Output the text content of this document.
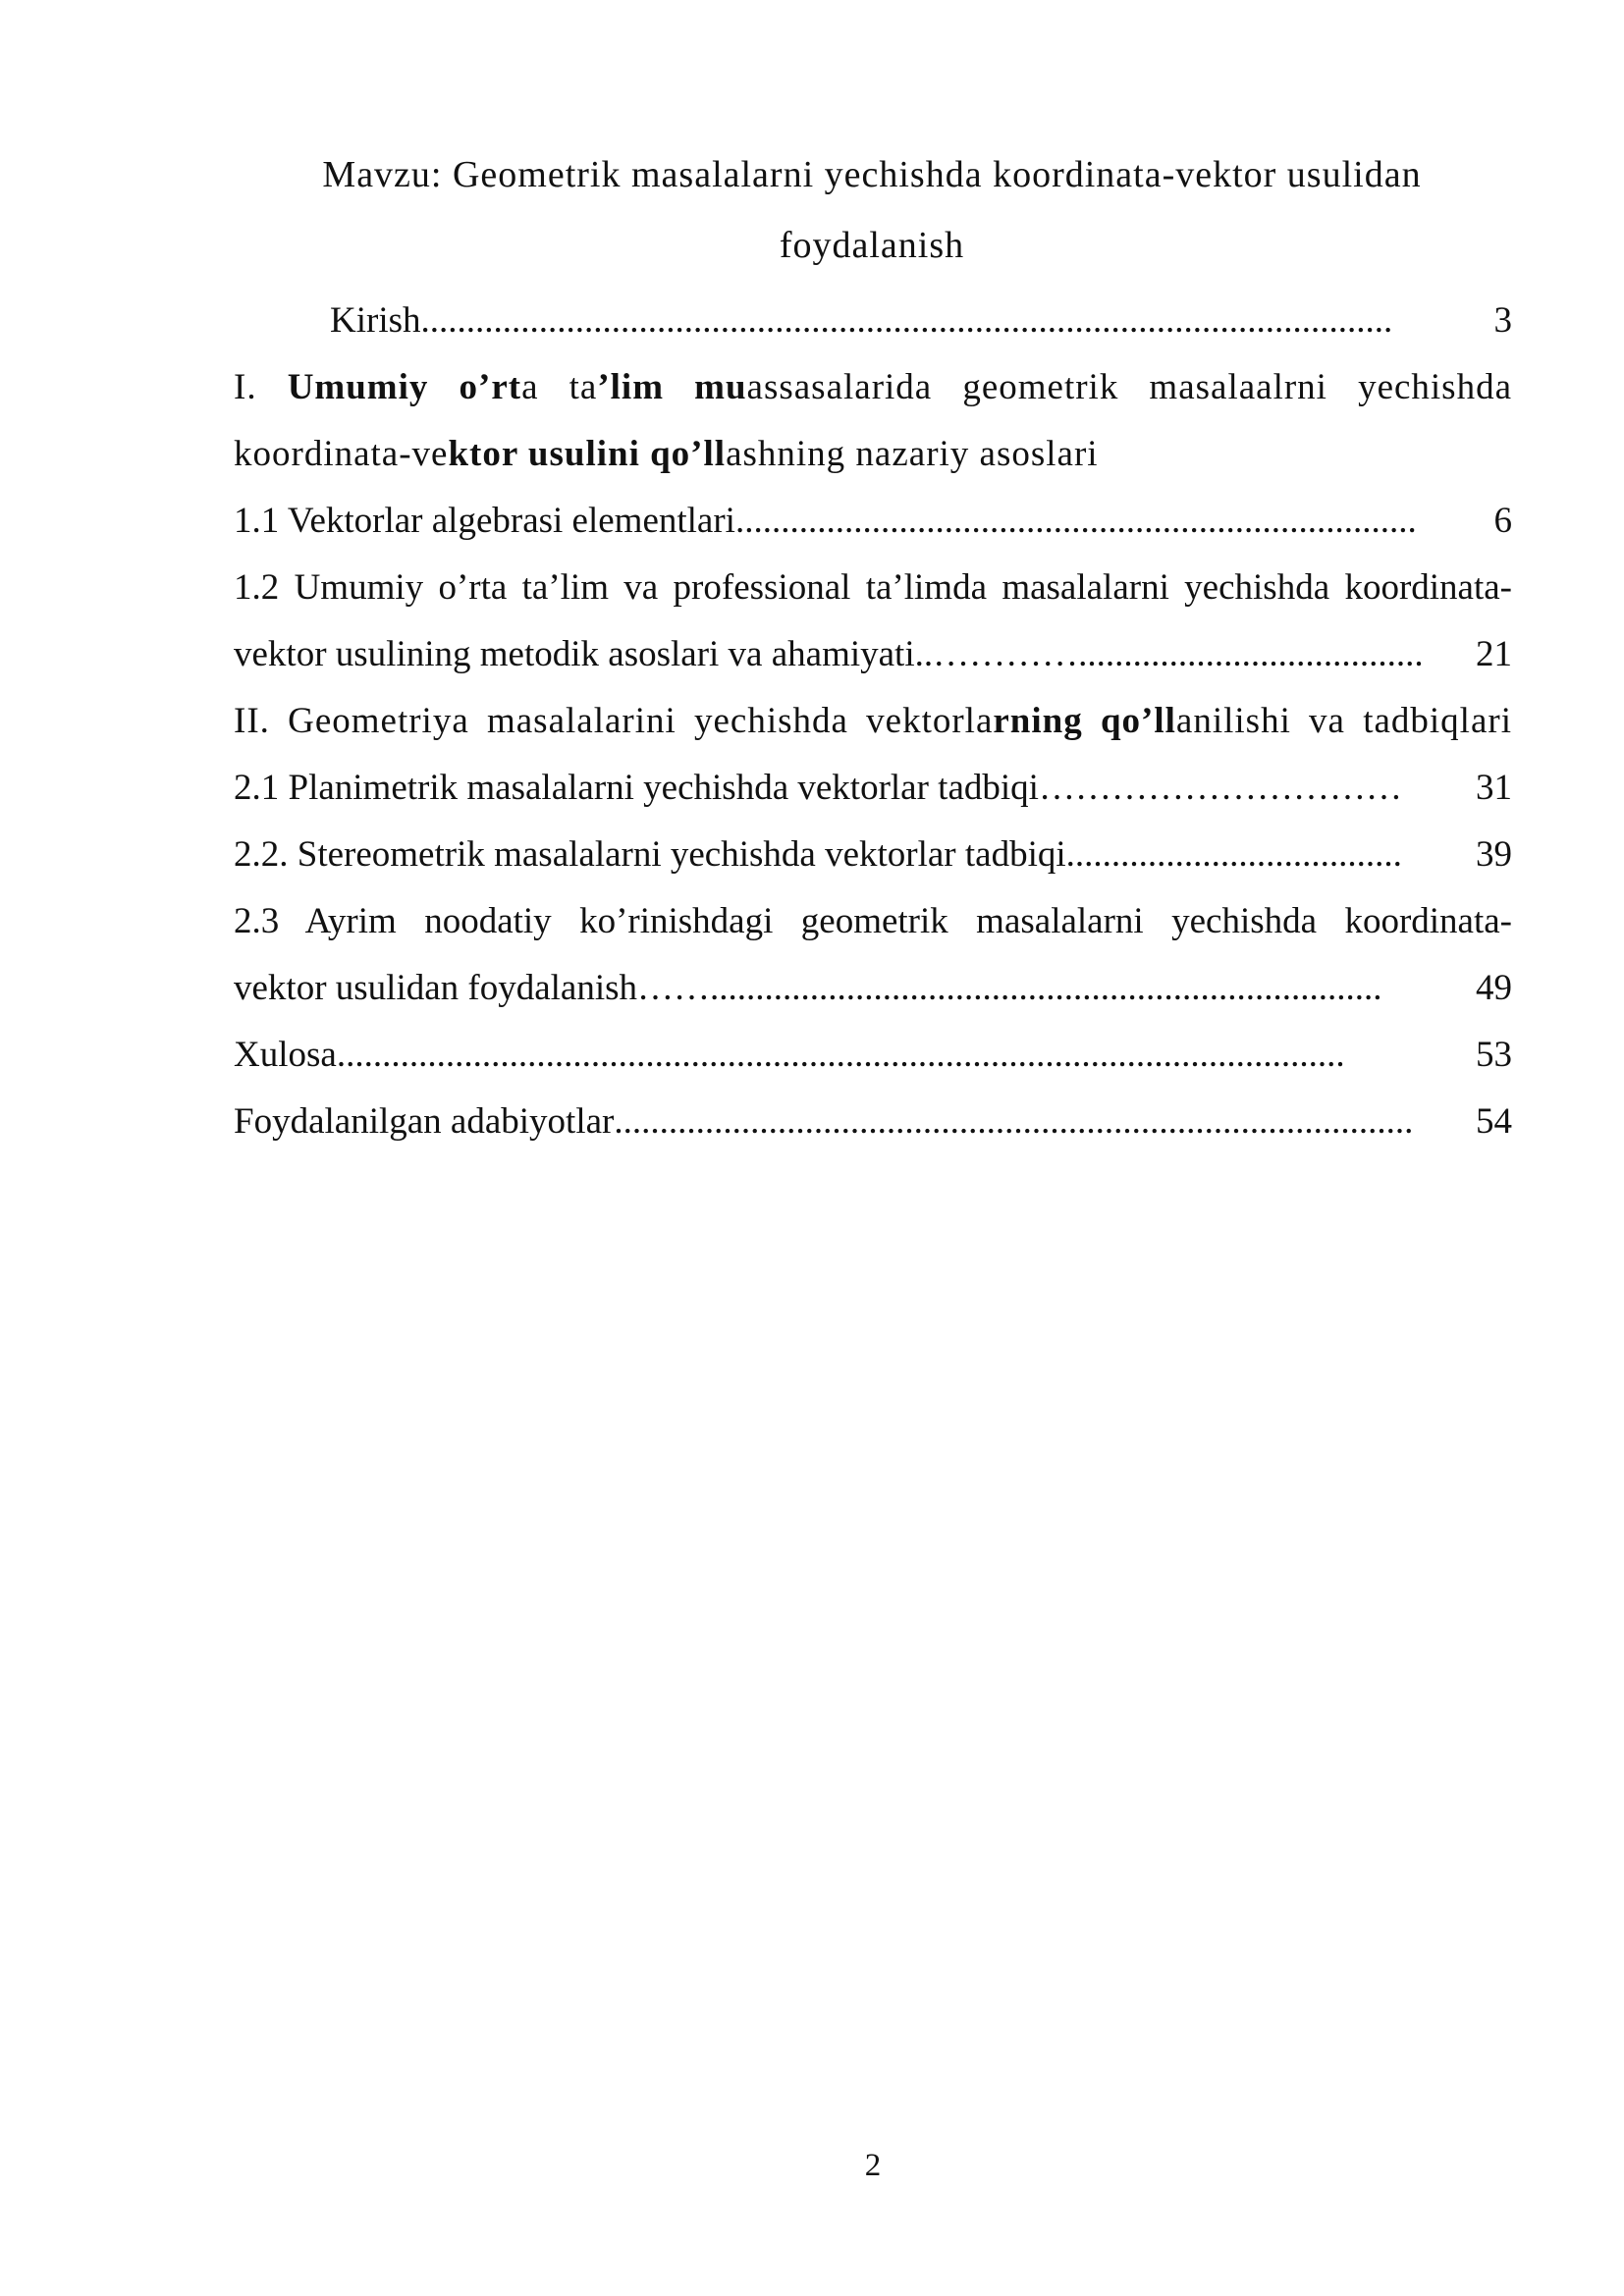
Mavzu: Geometrik masalalarni yechishda koordinata-vektor usulidan
foydalanish
Kirish ...........................................................................................................	3
I. Umumiy o’rta ta’lim muassasalarida geometrik masalaalrni yechishda
koordinata-ve ktor usulini qo’ll ashning nazariy asoslari
1.1 Vektorlar algebrasi elementlari ...........................................................................	6
1.2 Umumiy o’rta ta’lim va professional ta’limda masalalarni yechishda koordinata-
vektor usulining metodik asoslari va ahamiyati ..…………......................................	21
II. Geometriya masalalarini yechishda vektorlarning qo’llanilishi va tadbiqlari
2.1 Planimetrik masalalarni yechishda vektorlar tadbiqi …………………………	31
2.2. Stereometrik masalalarni yechishda vektorlar tadbiqi .....................................	39
2.3 Ayrim noodatiy ko’rinishdagi geometrik masalalarni yechishda koordinata-
vektor usulidan foydalanish ……..........................................................................	49
Xulosa ...............................................................................................................	53
Foydalanilgan adabiyotlar ........................................................................................	54
2
